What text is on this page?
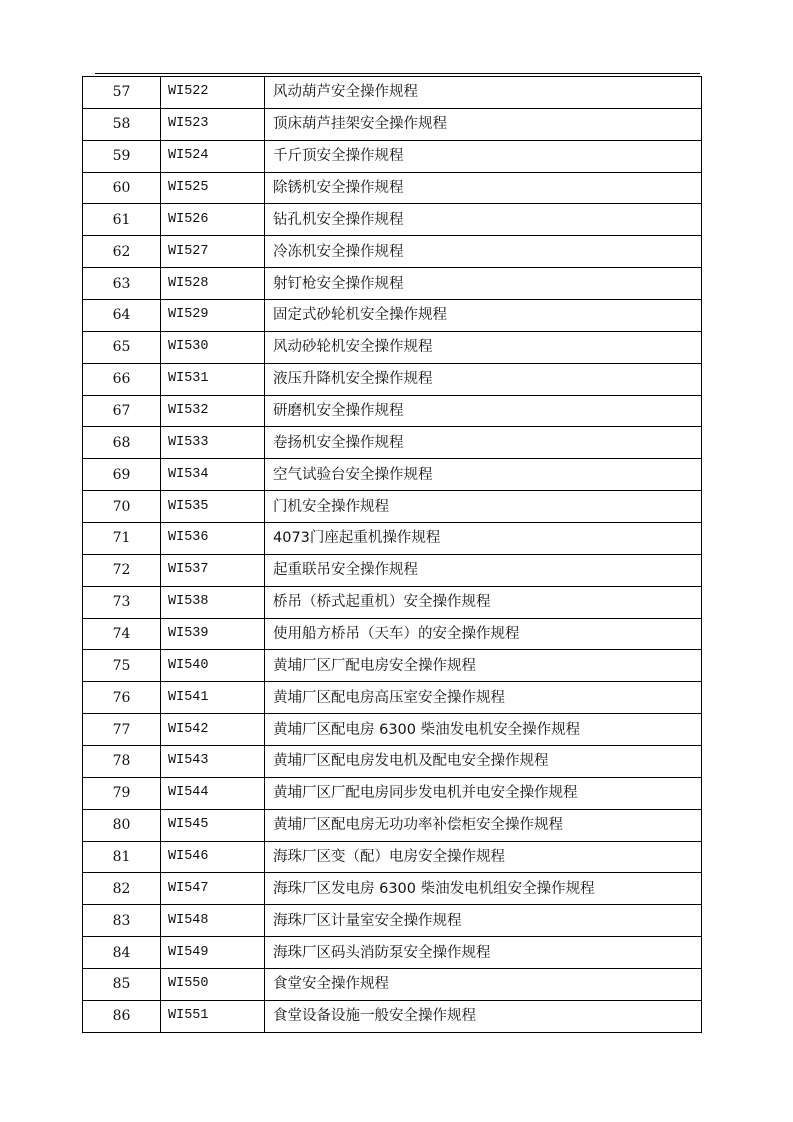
57	WI522	风动葫芦安全操作规程
58	WI523	顶床葫芦挂架安全操作规程
59	WI524	千斤顶安全操作规程
60	WI525	除锈机安全操作规程
61	WI526	钻孔机安全操作规程
62	WI527	冷冻机安全操作规程
63	WI528	射钉枪安全操作规程
64	WI529	固定式砂轮机安全操作规程
65	WI530	风动砂轮机安全操作规程
66	WI531	液压升降机安全操作规程
67	WI532	研磨机安全操作规程
68	WI533	卷扬机安全操作规程
69	WI534	空气试验台安全操作规程
70	WI535	门机安全操作规程
71	WI536	4073门座起重机操作规程
72	WI537	起重联吊安全操作规程
73	WI538	桥吊（桥式起重机）安全操作规程
74	WI539	使用船方桥吊（天车）的安全操作规程
75	WI540	黄埔厂区厂配电房安全操作规程
76	WI541	黄埔厂区配电房高压室安全操作规程
77	WI542	黄埔厂区配电房 6300 柴油发电机安全操作规程
78	WI543	黄埔厂区配电房发电机及配电安全操作规程
79	WI544	黄埔厂区厂配电房同步发电机并电安全操作规程
80	WI545	黄埔厂区配电房无功功率补偿柜安全操作规程
81	WI546	海珠厂区变（配）电房安全操作规程
82	WI547	海珠厂区发电房 6300 柴油发电机组安全操作规程
83	WI548	海珠厂区计量室安全操作规程
84	WI549	海珠厂区码头消防泵安全操作规程
85	WI550	食堂安全操作规程
86	WI551	食堂设备设施一般安全操作规程
